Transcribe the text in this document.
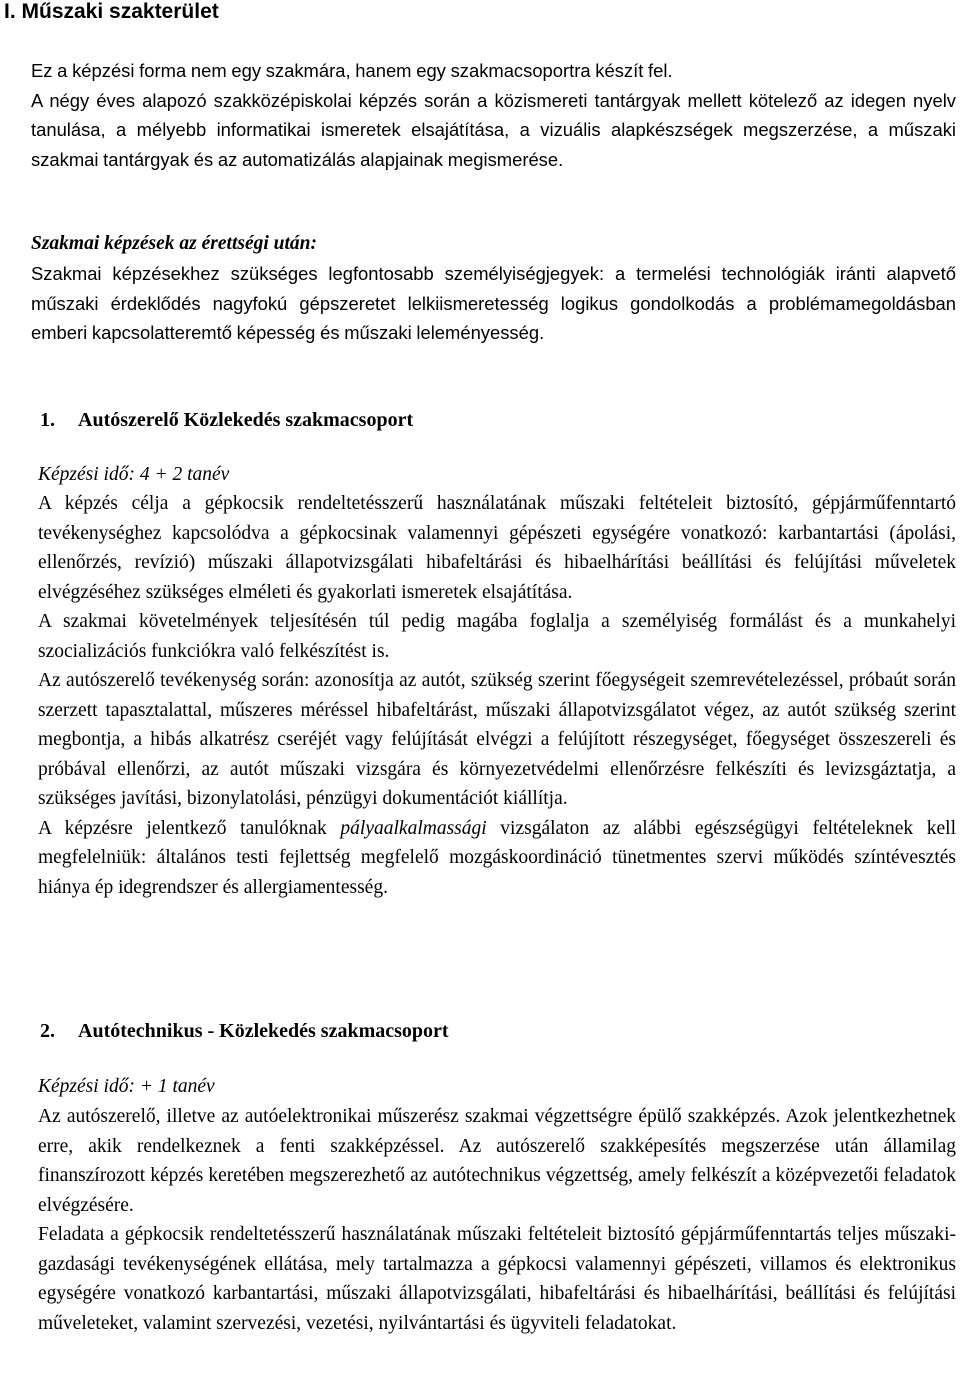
I. Műszaki szakterület
Ez a képzési forma nem egy szakmára, hanem egy szakmacsoportra készít fel.
A négy éves alapozó szakközépiskolai képzés során a közismereti tantárgyak mellett kötelező az idegen nyelv tanulása, a mélyebb informatikai ismeretek elsajátítása, a vizuális alapkészségek megszerzése, a műszaki szakmai tantárgyak és az automatizálás alapjainak megismerése.

Szakmai képzések az érettségi után:

Szakmai képzésekhez szükséges legfontosabb személyiségjegyek: a termelési technológiák iránti alapvető műszaki érdeklődés nagyfokú gépszeretet lelkiismeretesség logikus gondolkodás a problémamegoldásban emberi kapcsolatteremtő képesség és műszaki leleményesség.

1. Autószerelő Közlekedés szakmacsoport

Képzési idő: 4 + 2 tanév

A képzés célja a gépkocsik rendeltetésszerű használatának műszaki feltételeit biztosító, gépjárműfenntartó tevékenységhez kapcsolódva a gépkocsinak valamennyi gépészeti egységére vonatkozó: karbantartási (ápolási, ellenőrzés, revízió) műszaki állapotvizsgálati hibafeltárási és hibaelhárítási beállítási és felújítási műveletek elvégzéséhez szükséges elméleti és gyakorlati ismeretek elsajátítása.
A szakmai követelmények teljesítésén túl pedig magába foglalja a személyiség formálást és a munkahelyi szocializációs funkciókra való felkészítést is.
Az autószerelő tevékenység során: azonosítja az autót, szükség szerint főegységeit szemrevételezéssel, próbaút során szerzett tapasztalattal, műszeres méréssel hibafeltárást, műszaki állapotvizsgálatot végez, az autót szükség szerint megbontja, a hibás alkatrész cseréjét vagy felújítását elvégzi a felújított részegységet, főegységet összeszereli és próbával ellenőrzi, az autót műszaki vizsgára és környezetvédelmi ellenőrzésre felkészíti és levizsgáztatja, a szükséges javítási, bizonylatolási, pénzügyi dokumentációt kiállítja.
A képzésre jelentkező tanulóknak pályaalkalmassági vizsgálaton az alábbi egészségügyi feltételeknek kell megfelelniük: általános testi fejlettség megfelelő mozgáskoordináció tünetmentes szervi működés színtévesztés hiánya ép idegrendszer és allergiamentesség.

2. Autótechnikus - Közlekedés szakmacsoport

Képzési idő: + 1 tanév

Az autószerelő, illetve az autóelektronikai műszerész szakmai végzettségre épülő szakképzés. Azok jelentkezhetnek erre, akik rendelkeznek a fenti szakképzéssel. Az autószerelő szakképesítés megszerzése után államilag finanszírozott képzés keretében megszerezhető az autótechnikus végzettség, amely felkészít a középvezetői feladatok elvégzésére.
Feladata a gépkocsik rendeltetésszerű használatának műszaki feltételeit biztosító gépjárműfenntartás teljes műszaki-gazdasági tevékenységének ellátása, mely tartalmazza a gépkocsi valamennyi gépészeti, villamos és elektronikus egységére vonatkozó karbantartási, műszaki állapotvizsgálati, hibafeltárási és hibaelhárítási, beállítási és felújítási műveleteket, valamint szervezési, vezetési, nyilvántartási és ügyviteli feladatokat.
